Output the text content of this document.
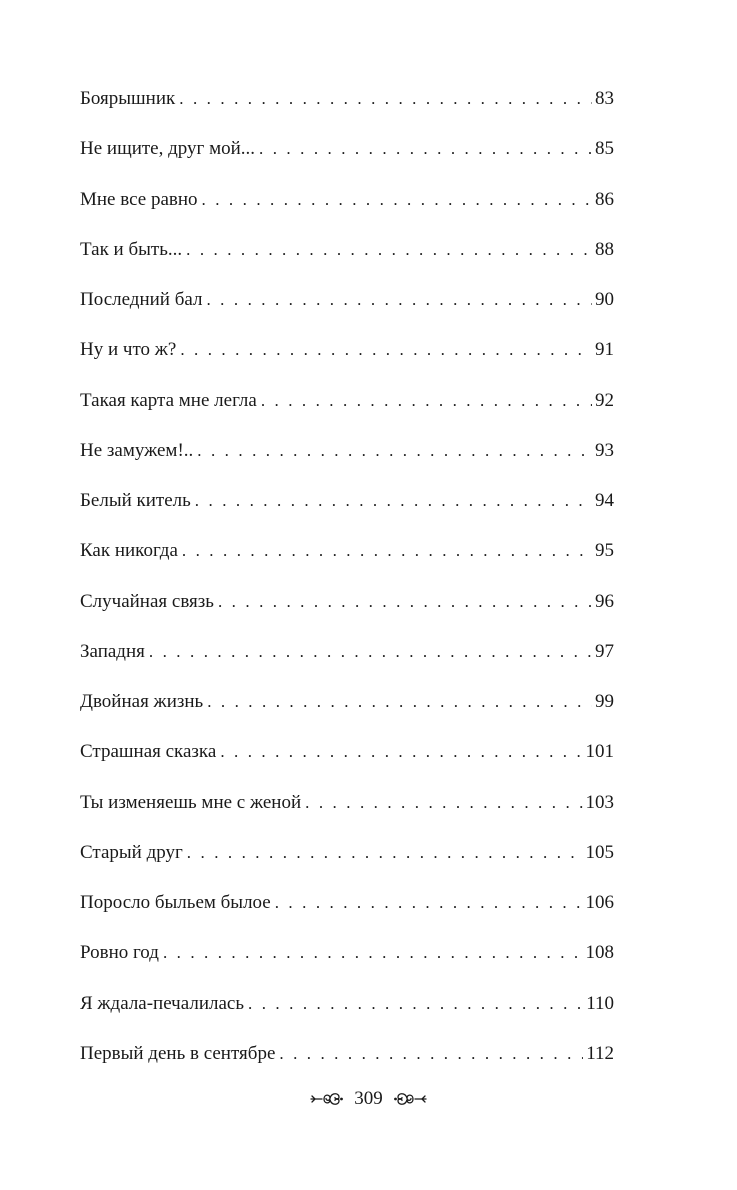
Боярышник . . .	83
Не ищите, друг мой... . . .	85
Мне все равно . . .	86
Так и быть... . . .	88
Последний бал . . .	90
Ну и что ж? . . .	91
Такая карта мне легла . . .	92
Не замужем!.. . . .	93
Белый китель . . .	94
Как никогда . . .	95
Случайная связь . . .	96
Западня . . .	97
Двойная жизнь . . .	99
Страшная сказка . . .	101
Ты изменяешь мне с женой . . .	103
Старый друг . . .	105
Поросло быльем былое . . .	106
Ровно год . . .	108
Я ждала-печалилась . . .	110
Первый день в сентябре . . .	112
309
